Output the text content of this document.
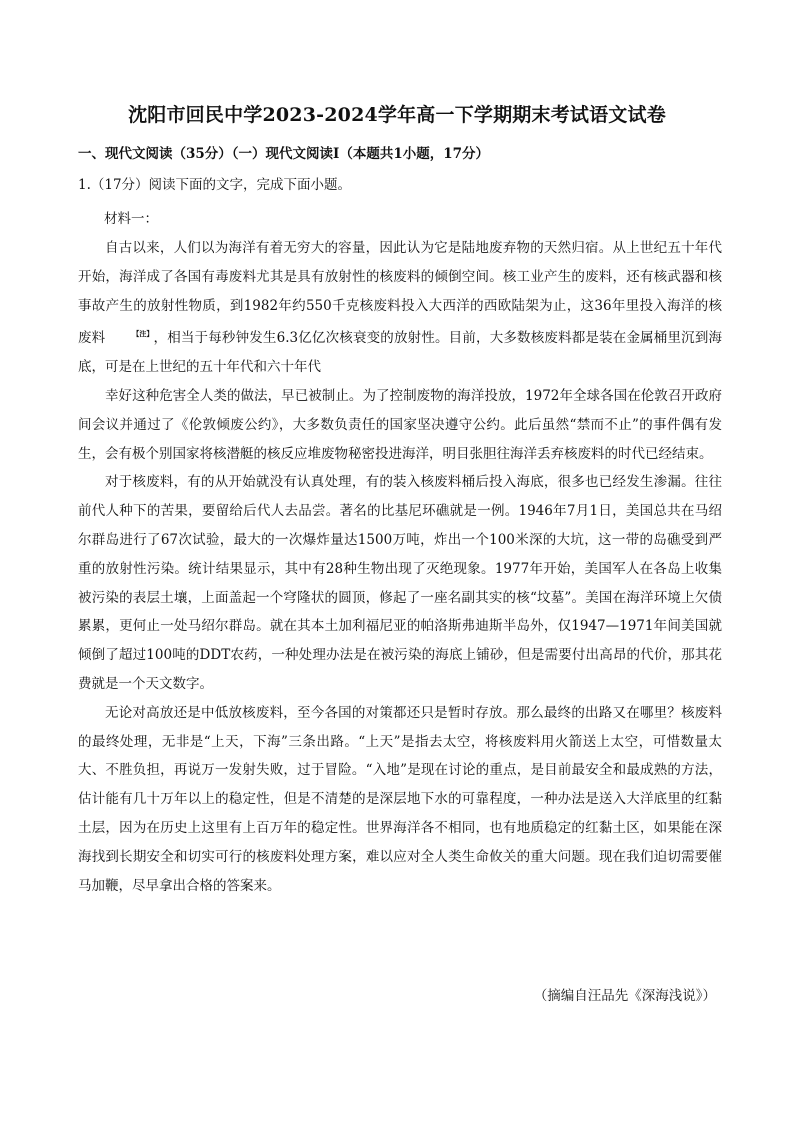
沈阳市回民中学2023-2024学年高一下学期期末考试语文试卷
一、现代文阅读（35分）（一）现代文阅读Ⅰ（本题共1小题，17分）
1.（17分）阅读下面的文字，完成下面小题。
材料一：

自古以来，人们以为海洋有着无穷大的容量，因此认为它是陆地废弃物的天然归宿。从上世纪五十年代开始，海洋成了各国有毒废料尤其是具有放射性的核废料的倾倒空间。核工业产生的废料，还有核武器和核事故产生的放射性物质，到1982年约550千克核废料投入大西洋的西欧陆架为止，这36年里投入海洋的核废料	【注】，相当于每秒钟发生6.3亿亿次核衰变的放射性。目前，大多数核废料都是装在金属桶里沉到海底，可是在上世纪的五十年代和六十年代

幸好这种危害全人类的做法，早已被制止。为了控制废物的海洋投放，1972年全球各国在伦敦召开政府间会议并通过了《伦敦倾废公约》，大多数负责任的国家坚决遵守公约。此后虽然“禁而不止”的事件偶有发生，会有极个别国家将核潜艇的核反应堆废物秘密投进海洋，明目张胆往海洋丢弃核废料的时代已经结束。

对于核废料，有的从开始就没有认真处理，有的装入核废料桶后投入海底，很多也已经发生渗漏。往往前代人种下的苦果，要留给后代人去品尝。著名的比基尼环礁就是一例。1946年7月1日，美国总共在马绍尔群岛进行了67次试验，最大的一次爆炸量达1500万吨，炸出一个100米深的大坑，这一带的岛礁受到严重的放射性污染。统计结果显示，其中有28种生物出现了灭绝现象。1977年开始，美国军人在各岛上收集被污染的表层土壤，上面盖起一个穹隆状的圆顶，修起了一座名副其实的核“坟墓”。美国在海洋环境上欠债累累，更何止一处马绍尔群岛。就在其本土加利福尼亚的帕洛斯弗迪斯半岛外，仅1947—1971年间美国就倾倒了超过100吨的DDT农药，一种处理办法是在被污染的海底上铺砂，但是需要付出高昂的代价，那其花费就是一个天文数字。

无论对高放还是中低放核废料，至今各国的对策都还只是暂时存放。那么最终的出路又在哪里？核废料的最终处理，无非是“上天，下海”三条出路。“上天”是指去太空，将核废料用火箭送上太空，可惜数量太大、不胜负担，再说万一发射失败，过于冒险。“入地”是现在讨论的重点，是目前最安全和最成熟的方法，估计能有几十万年以上的稳定性，但是不清楚的是深层地下水的可靠程度，一种办法是送入大洋底里的红黏土层，因为在历史上这里有上百万年的稳定性。世界海洋各不相同，也有地质稳定的红黏土区，如果能在深海找到长期安全和切实可行的核废料处理方案，难以应对全人类生命攸关的重大问题。现在我们迫切需要催马加鞭，尽早拿出合格的答案来。

（摘编自汪品先《深海浅说》）
